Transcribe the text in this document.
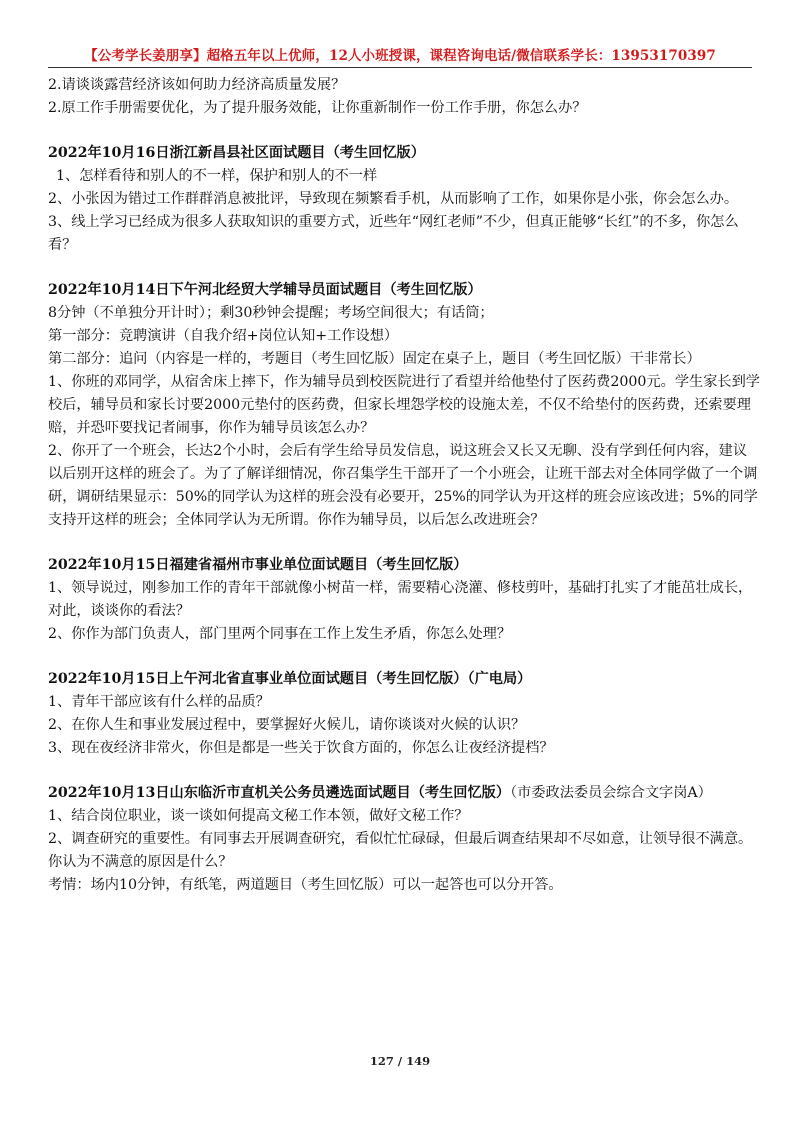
【公考学长姜朋享】超格五年以上优师，12人小班授课，课程咨询电话/微信联系学长：13953170397

2.请谈谈露营经济该如何助力经济高质量发展？

2.原工作手册需要优化，为了提升服务效能，让你重新制作一份工作手册，你怎么办？

2022年10月16日浙江新昌县社区面试题目（考生回忆版）

1、怎样看待和别人的不一样，保护和别人的不一样

2、小张因为错过工作群群消息被批评，导致现在频繁看手机，从而影响了工作，如果你是小张，你会怎么办。

3、线上学习已经成为很多人获取知识的重要方式，近些年“网红老师”不少，但真正能够“长红”的不多，你怎么看？

2022年10月14日下午河北经贸大学辅导员面试题目（考生回忆版）

8分钟（不单独分开计时）；剩30秒钟会提醒；考场空间很大；有话筒；

第一部分：竞聘演讲（自我介绍+岗位认知+工作设想）

第二部分：追问（内容是一样的，考题目（考生回忆版）固定在桌子上，题目（考生回忆版）干非常长）

1、你班的邓同学，从宿舍床上摔下，作为辅导员到校医院进行了看望并给他垫付了医药费2000元。学生家长到学校后，辅导员和家长讨要2000元垫付的医药费，但家长埋怨学校的设施太差，不仅不给垫付的医药费，还索要理赔，并恐吓要找记者闹事，你作为辅导员该怎么办？

2、你开了一个班会，长达2个小时，会后有学生给导员发信息，说这班会又长又无聊、没有学到任何内容，建议以后别开这样的班会了。为了了解详细情况，你召集学生干部开了一个小班会，让班干部去对全体同学做了一个调研，调研结果显示：50%的同学认为这样的班会没有必要开，25%的同学认为开这样的班会应该改进；5%的同学支持开这样的班会；全体同学认为无所谓。你作为辅导员，以后怎么改进班会？

2022年10月15日福建省福州市事业单位面试题目（考生回忆版）

1、领导说过，刚参加工作的青年干部就像小树苗一样，需要精心浇灌、修枝剪叶，基础打扎实了才能茁壮成长，对此，谈谈你的看法？

2、你作为部门负责人，部门里两个同事在工作上发生矛盾，你怎么处理？

2022年10月15日上午河北省直事业单位面试题目（考生回忆版）（广电局）

1、青年干部应该有什么样的品质？

2、在你人生和事业发展过程中，要掌握好火候儿，请你谈谈对火候的认识？

3、现在夜经济非常火，你但是都是一些关于饮食方面的，你怎么让夜经济提档？

2022年10月13日山东临沂市直机关公务员遴选面试题目（考生回忆版）（市委政法委员会综合文字岗A）

1、结合岗位职业，谈一谈如何提高文秘工作本领，做好文秘工作？

2、调查研究的重要性。有同事去开展调查研究，看似忙忙碌碌，但最后调查结果却不尽如意，让领导很不满意。你认为不满意的原因是什么？

考情：场内10分钟，有纸笔，两道题目（考生回忆版）可以一起答也可以分开答。

127 / 149
